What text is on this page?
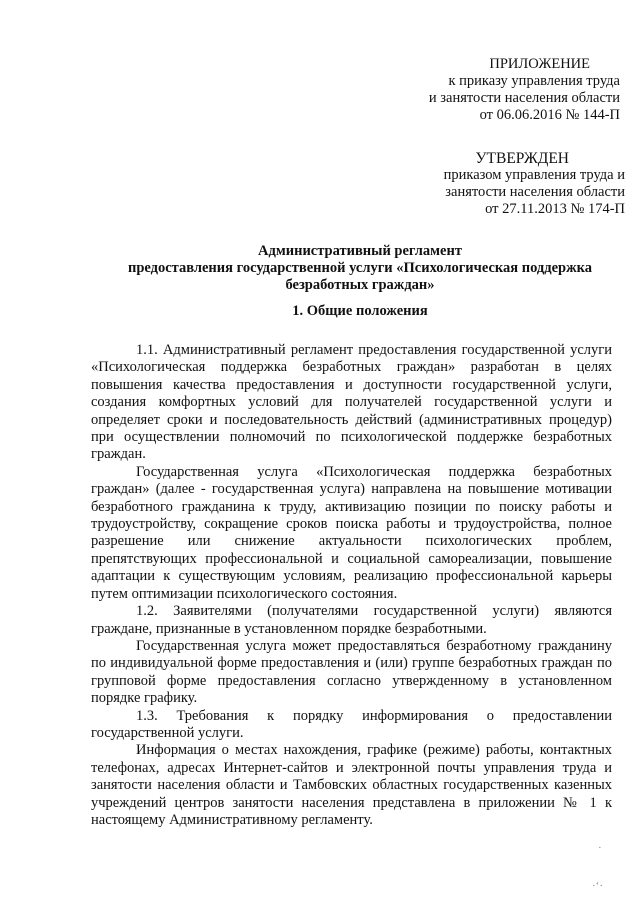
ПРИЛОЖЕНИЕ
к приказу управления труда
и занятости населения области
от 06.06.2016 № 144-П
УТВЕРЖДЕН
приказом управления труда и
занятости населения области
от 27.11.2013 № 174-П
Административный регламент
предоставления государственной услуги «Психологическая поддержка
безработных граждан»
1. Общие положения

1.1. Административный регламент предоставления государственной услуги «Психологическая поддержка безработных граждан» разработан в целях повышения качества предоставления и доступности государственной услуги, создания комфортных условий для получателей государственной услуги и определяет сроки и последовательность действий (административных процедур) при осуществлении полномочий по психологической поддержке безработных граждан.

Государственная услуга «Психологическая поддержка безработных граждан» (далее - государственная услуга) направлена на повышение мотивации безработного гражданина к труду, активизацию позиции по поиску работы и трудоустройству, сокращение сроков поиска работы и трудоустройства, полное разрешение или снижение актуальности психологических проблем, препятствующих профессиональной и социальной самореализации, повышение адаптации к существующим условиям, реализацию профессиональной карьеры путем оптимизации психологического состояния.

1.2. Заявителями (получателями государственной услуги) являются граждане, признанные в установленном порядке безработными.

Государственная услуга может предоставляться безработному гражданину по индивидуальной форме предоставления и (или) группе безработных граждан по групповой форме предоставления согласно утвержденному в установленном порядке графику.

1.3. Требования к порядку информирования о предоставлении государственной услуги.

Информация о местах нахождения, графике (режиме) работы, контактных телефонах, адресах Интернет-сайтов и электронной почты управления труда и занятости населения области и Тамбовских областных государственных казенных учреждений центров занятости населения представлена в приложении № 1 к настоящему Административному регламенту.

·
·‘·
